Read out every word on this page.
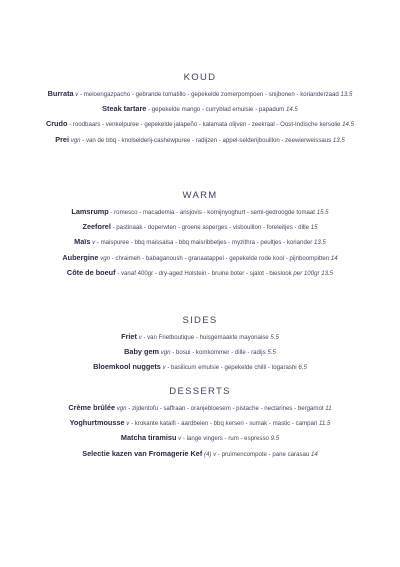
KOUD
Burrata v - meloengazpacho - gebrande tomatillo - gepekelde zomerpompoen - snijbonen - korianderzaad 13.5
Steak tartare - gepekelde mango - curryblad emulsie - papadum 14.5
Crudo - roodbaars - venkelpuree - gepekelde jalapeño - kalamata olijven - zeekraal - Oost-Indische kersolie 14.5
Prei vgn - van de bbq - knolselderij-cashewpuree - radijzen - appel-selderijbouillon - zeewierweissaus 13.5
WARM
Lamsrump - romesco - macademia - ansjovis - komijnyoghurt - semi-gedroogde tomaat 15.5
Zeeforel - pastinaak - doperwten - groene asperges - visbouillon - foreleitjes - dille 15
Maïs v - maispuree - bbq maissalsa - bbq maisribbetjes - myzithra - peultjes - koriander 13.5
Aubergine vgn - chraimeh - babaganoush - granaatappel - gepekelde rode kool - pijnboompitten 14
Côte de boeuf - vanaf 400gr - dry-aged Holstein - bruine boter - sjalot - bieslook per 100gr 13.5
SIDES
Friet v - van Frietboutique - huisgemaakte mayonaise 5.5
Baby gem vgn - bosui - komkommer - dille - radijs 5.5
Bloemkool nuggets v - basilicum emulsie - gepekelde chilli - togarashi 6.5
DESSERTS
Crème brûlée vgn - zijdentofu - saffraan - oranjebloesem - pistache - nectarines - bergamot 11
Yoghurtmousse v - krokante kataifi - aardbeien - bbq kersen - sumak - mastic - campari 11.5
Matcha tiramisu v - lange vingers - rum - espresso 9.5
Selectie kazen van Fromagerie Kef (4) v - pruimencompote - pane carasau 14
